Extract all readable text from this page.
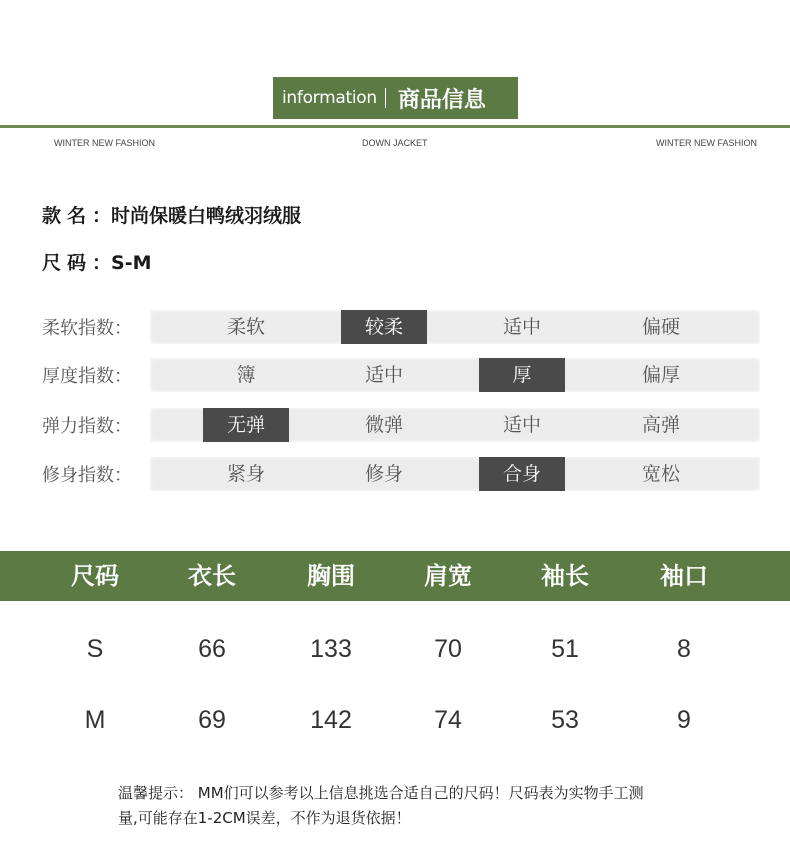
information 商品信息
WINTER NEW FASHION	DOWN JACKET	WINTER NEW FASHION
款名：时尚保暖白鸭绒羽绒服
尺码：S-M
柔软指数：	柔软	较柔	适中	偏硬
厚度指数：	簿	适中	厚	偏厚
弹力指数：	无弹	微弹	适中	高弹
修身指数：	紧身	修身	合身	宽松
尺码	衣长	胸围	肩宽	袖长	袖口
S	66	133	70	51	8
M	69	142	74	53	9
温馨提示： MM们可以参考以上信息挑选合适自己的尺码！尺码表为实物手工测
量,可能存在1-2CM误差，不作为退货依据！
